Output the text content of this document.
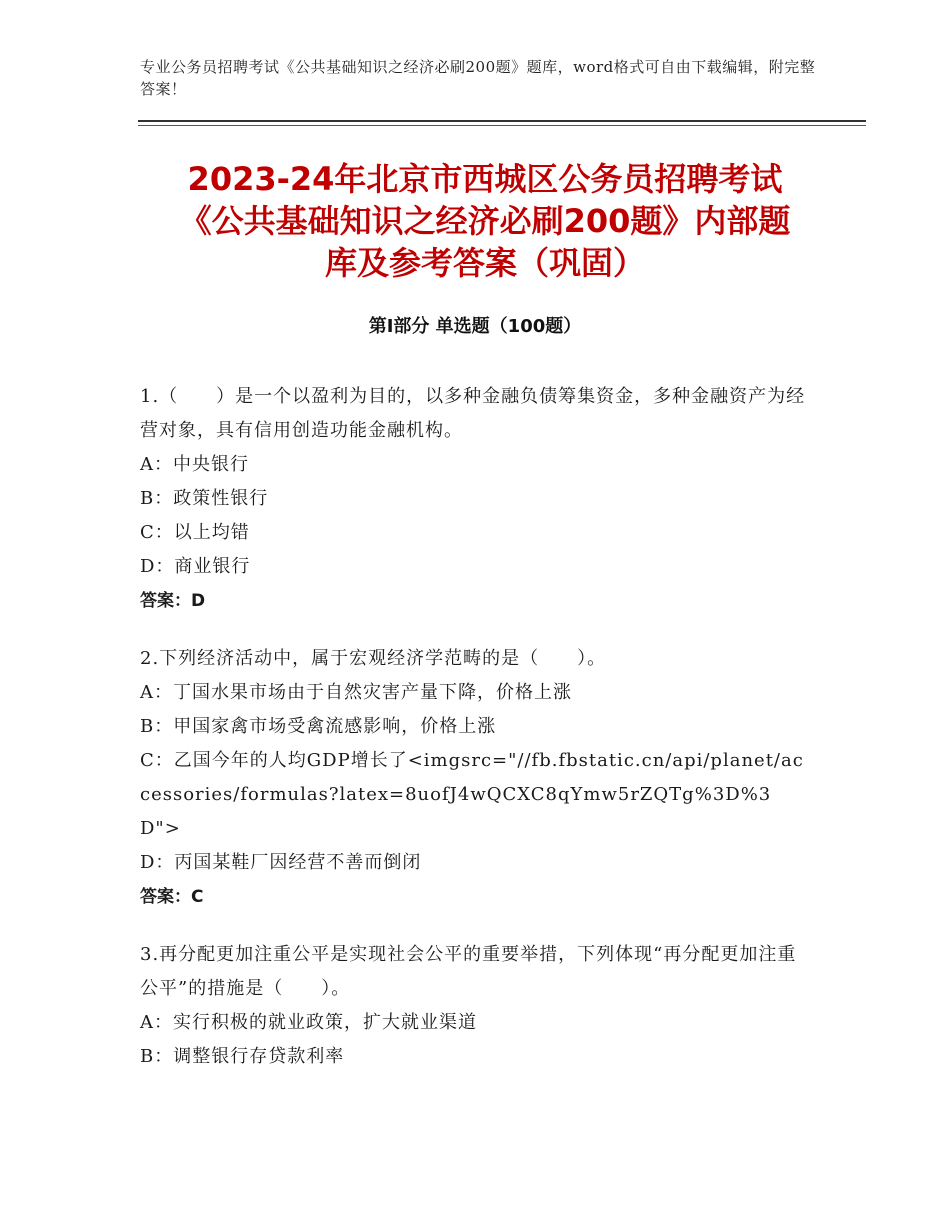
专业公务员招聘考试《公共基础知识之经济必刷200题》题库，word格式可自由下载编辑，附完整答案！
2023-24年北京市西城区公务员招聘考试
《公共基础知识之经济必刷200题》内部题
库及参考答案（巩固）
第Ⅰ部分 单选题（100题）

1.（　　）是一个以盈利为目的，以多种金融负债筹集资金，多种金融资产为经营对象，具有信用创造功能金融机构。

A：中央银行

B：政策性银行

C：以上均错

D：商业银行

答案：D

2.下列经济活动中，属于宏观经济学范畴的是（　　）。

A：丁国水果市场由于自然灾害产量下降，价格上涨

B：甲国家禽市场受禽流感影响，价格上涨

C：乙国今年的人均GDP增长了<imgsrc="//fb.fbstatic.cn/api/planet/accessories/formulas?latex=8uofJ4wQCXC8qYmw5rZQTg%3D%3D">

D：丙国某鞋厂因经营不善而倒闭

答案：C

3.再分配更加注重公平是实现社会公平的重要举措，下列体现“再分配更加注重公平”的措施是（　　）。

A：实行积极的就业政策，扩大就业渠道

B：调整银行存贷款利率
